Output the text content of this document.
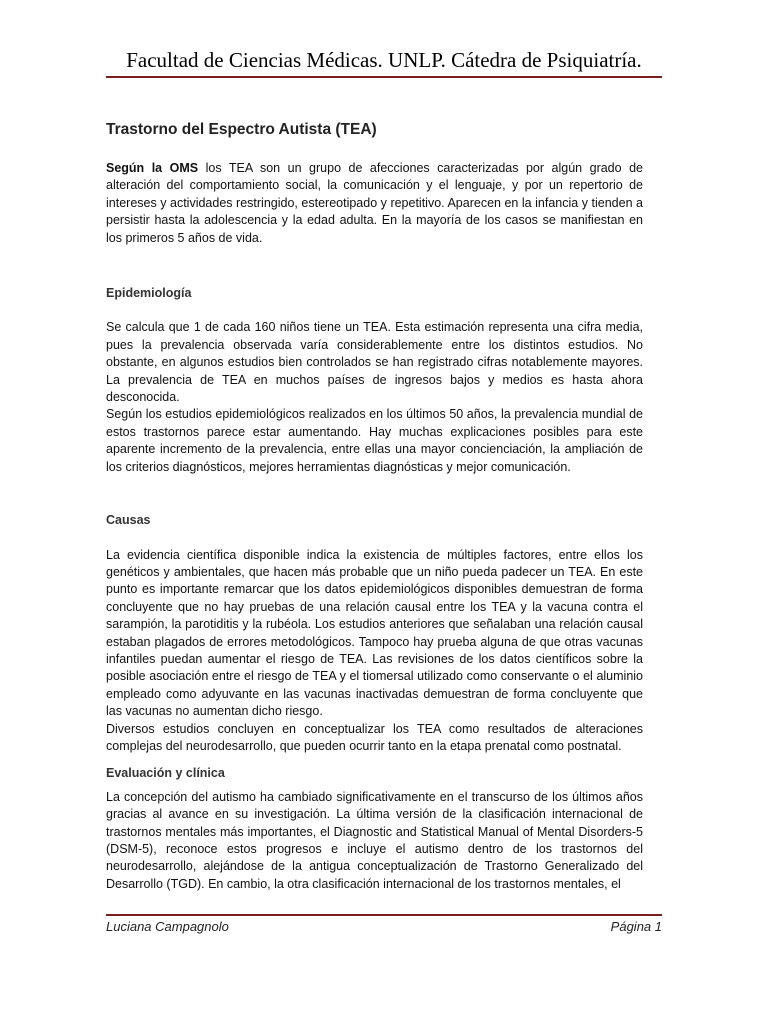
Facultad de Ciencias Médicas. UNLP. Cátedra de Psiquiatría.
Trastorno del Espectro Autista (TEA)

Según la OMS los TEA son un grupo de afecciones caracterizadas por algún grado de alteración del comportamiento social, la comunicación y el lenguaje, y por un repertorio de intereses y actividades restringido, estereotipado y repetitivo. Aparecen en la infancia y tienden a persistir hasta la adolescencia y la edad adulta. En la mayoría de los casos se manifiestan en los primeros 5 años de vida.

Epidemiología

Se calcula que 1 de cada 160 niños tiene un TEA. Esta estimación representa una cifra media, pues la prevalencia observada varía considerablemente entre los distintos estudios. No obstante, en algunos estudios bien controlados se han registrado cifras notablemente mayores. La prevalencia de TEA en muchos países de ingresos bajos y medios es hasta ahora desconocida.

Según los estudios epidemiológicos realizados en los últimos 50 años, la prevalencia mundial de estos trastornos parece estar aumentando. Hay muchas explicaciones posibles para este aparente incremento de la prevalencia, entre ellas una mayor concienciación, la ampliación de los criterios diagnósticos, mejores herramientas diagnósticas y mejor comunicación.

Causas

La evidencia científica disponible indica la existencia de múltiples factores, entre ellos los genéticos y ambientales, que hacen más probable que un niño pueda padecer un TEA. En este punto es importante remarcar que los datos epidemiológicos disponibles demuestran de forma concluyente que no hay pruebas de una relación causal entre los TEA y la vacuna contra el sarampión, la parotiditis y la rubéola. Los estudios anteriores que señalaban una relación causal estaban plagados de errores metodológicos. Tampoco hay prueba alguna de que otras vacunas infantiles puedan aumentar el riesgo de TEA. Las revisiones de los datos científicos sobre la posible asociación entre el riesgo de TEA y el tiomersal utilizado como conservante o el aluminio empleado como adyuvante en las vacunas inactivadas demuestran de forma concluyente que las vacunas no aumentan dicho riesgo.

Diversos estudios concluyen en conceptualizar los TEA como resultados de alteraciones complejas del neurodesarrollo, que pueden ocurrir tanto en la etapa prenatal como postnatal.

Evaluación y clínica

La concepción del autismo ha cambiado significativamente en el transcurso de los últimos años gracias al avance en su investigación. La última versión de la clasificación internacional de trastornos mentales más importantes, el Diagnostic and Statistical Manual of Mental Disorders-5 (DSM-5), reconoce estos progresos e incluye el autismo dentro de los trastornos del neurodesarrollo, alejándose de la antigua conceptualización de Trastorno Generalizado del Desarrollo (TGD). En cambio, la otra clasificación internacional de los trastornos mentales, el

Luciana Campagnolo	Página 1
